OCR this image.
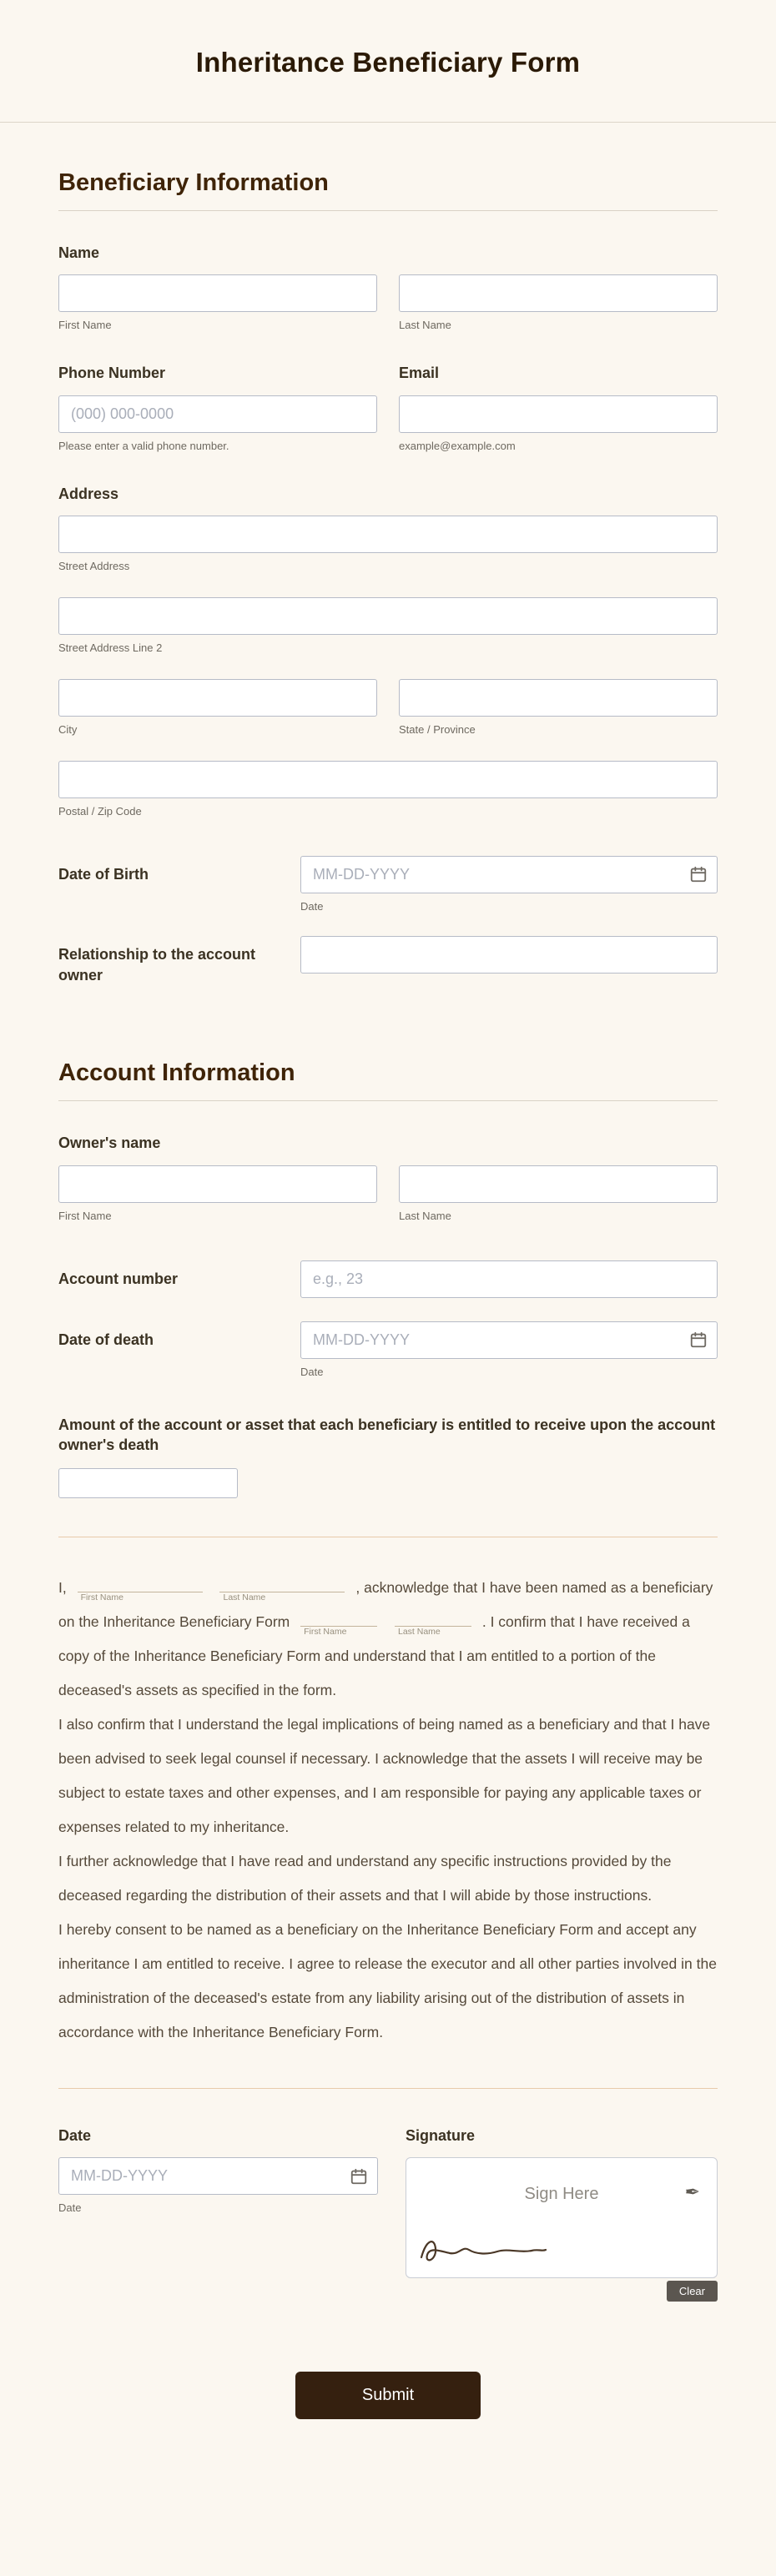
Inheritance Beneficiary Form
Beneficiary Information
Name
First Name	Last Name
Phone Number
(000) 000-0000
Please enter a valid phone number.
Email
example@example.com
Address
Street Address
Street Address Line 2
City	State / Province
Postal / Zip Code
Date of Birth
MM-DD-YYYY
Date
Relationship to the account owner
Account Information
Owner's name
First Name	Last Name
Account number
e.g., 23
Date of death
MM-DD-YYYY
Date
Amount of the account or asset that each beneficiary is entitled to receive upon the account owner's death

I,
First Name
	Last Name
, acknowledge that I have been named as a beneficiary on the Inheritance Beneficiary Form
First Name
	Last Name
. I confirm that I have received a copy of the Inheritance Beneficiary Form and understand that I am entitled to a portion of the deceased's assets as specified in the form.

I also confirm that I understand the legal implications of being named as a beneficiary and that I have been advised to seek legal counsel if necessary. I acknowledge that the assets I will receive may be subject to estate taxes and other expenses, and I am responsible for paying any applicable taxes or expenses related to my inheritance.

I further acknowledge that I have read and understand any specific instructions provided by the deceased regarding the distribution of their assets and that I will abide by those instructions.

I hereby consent to be named as a beneficiary on the Inheritance Beneficiary Form and accept any inheritance I am entitled to receive. I agree to release the executor and all other parties involved in the administration of the deceased's estate from any liability arising out of the distribution of assets in accordance with the Inheritance Beneficiary Form.

Date
MM-DD-YYYY
Date
Signature
Sign Here	✒
Clear
Submit
